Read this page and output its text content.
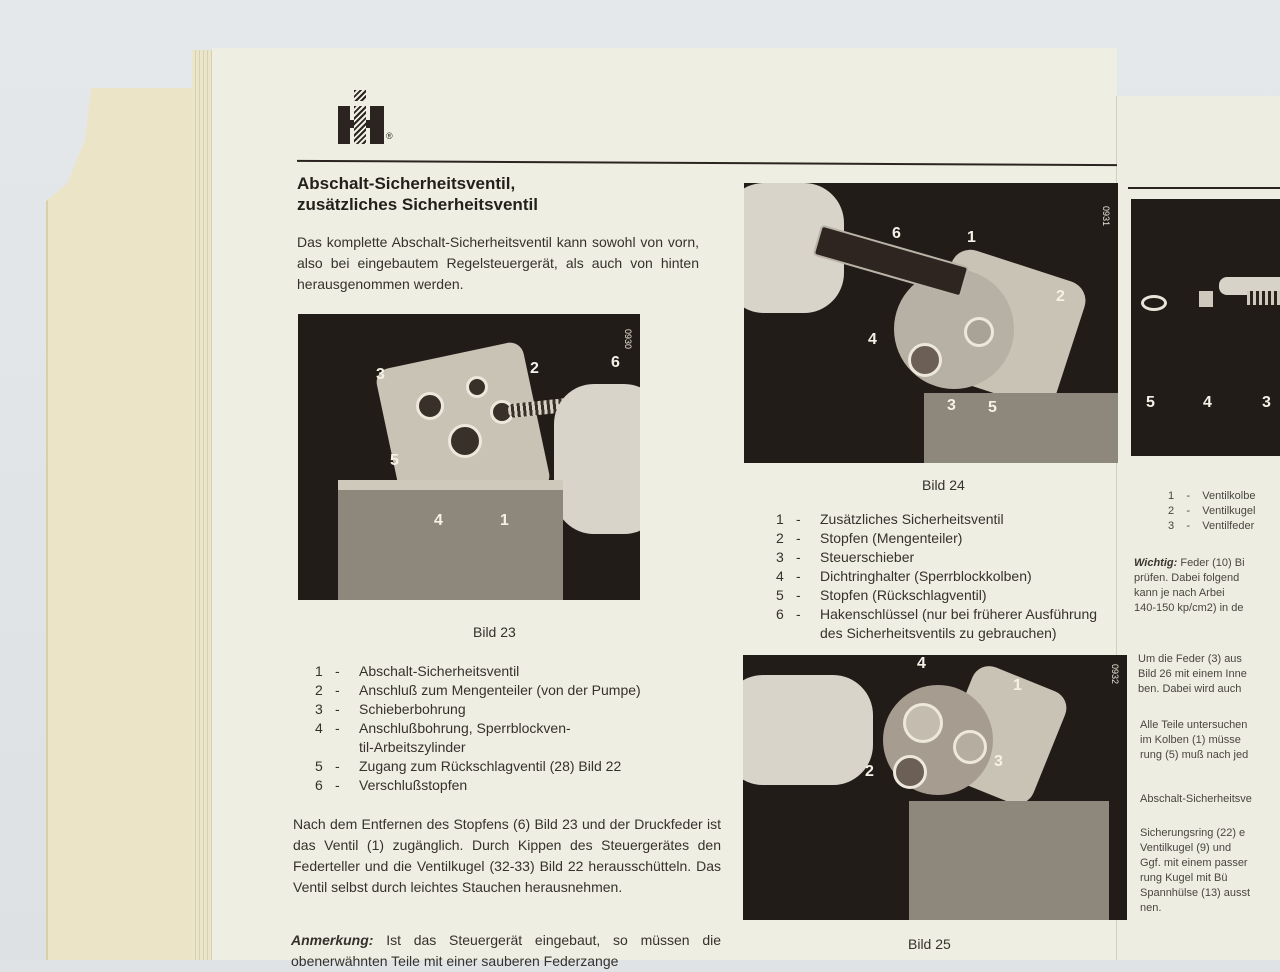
®
Abschalt-Sicherheitsventil,
zusätzliches Sicherheitsventil
Das komplette Abschalt-Sicherheitsventil kann sowohl von vorn, also bei eingebautem Regelsteuergerät, als auch von hinten herausgenommen werden.
3	2	6
5
4	1
0930
Bild 23
1 -	Abschalt-Sicherheitsventil
2 -	Anschluß zum Mengenteiler (von der Pumpe)
3 -	Schieberbohrung
4 -	Anschlußbohrung, Sperrblockven-
til-Arbeitszylinder
5 -	Zugang zum Rückschlagventil (28) Bild 22
6 -	Verschlußstopfen
Nach dem Entfernen des Stopfens (6) Bild 23 und der Druckfeder ist das Ventil (1) zugänglich. Durch Kippen des Steuergerätes den Federteller und die Ventilkugel (32-33) Bild 22 herausschütteln. Das Ventil selbst durch leichtes Stauchen herausnehmen.
Anmerkung: Ist das Steuergerät eingebaut, so müssen die obenerwähnten Teile mit einer sauberen Federzange
6	1
2
4
3 5
0931
Bild 24
1 -	Zusätzliches Sicherheitsventil
2 -	Stopfen (Mengenteiler)
3 -	Steuerschieber
4 -	Dichtringhalter (Sperrblockkolben)
5 -	Stopfen (Rückschlagventil)
6 -	Hakenschlüssel (nur bei früherer Ausführung
des Sicherheitsventils zu gebrauchen)
4
1
2
3
0932
Bild 25
5	4	3
1 - Ventilkolbe
2 - Ventilkugel
3 - Ventilfeder
Wichtig: Feder (10) Bi
prüfen. Dabei folgend
kann je nach Arbei
140-150 kp/cm2) in de
Um die Feder (3) aus
Bild 26 mit einem Inne
ben. Dabei wird auch
Alle Teile untersuchen
im Kolben (1) müsse
rung (5) muß nach jed
Abschalt-Sicherheitsve
Sicherungsring (22) e
Ventilkugel (9) und
Ggf. mit einem passer
rung Kugel mit Bü
Spannhülse (13) ausst
nen.
